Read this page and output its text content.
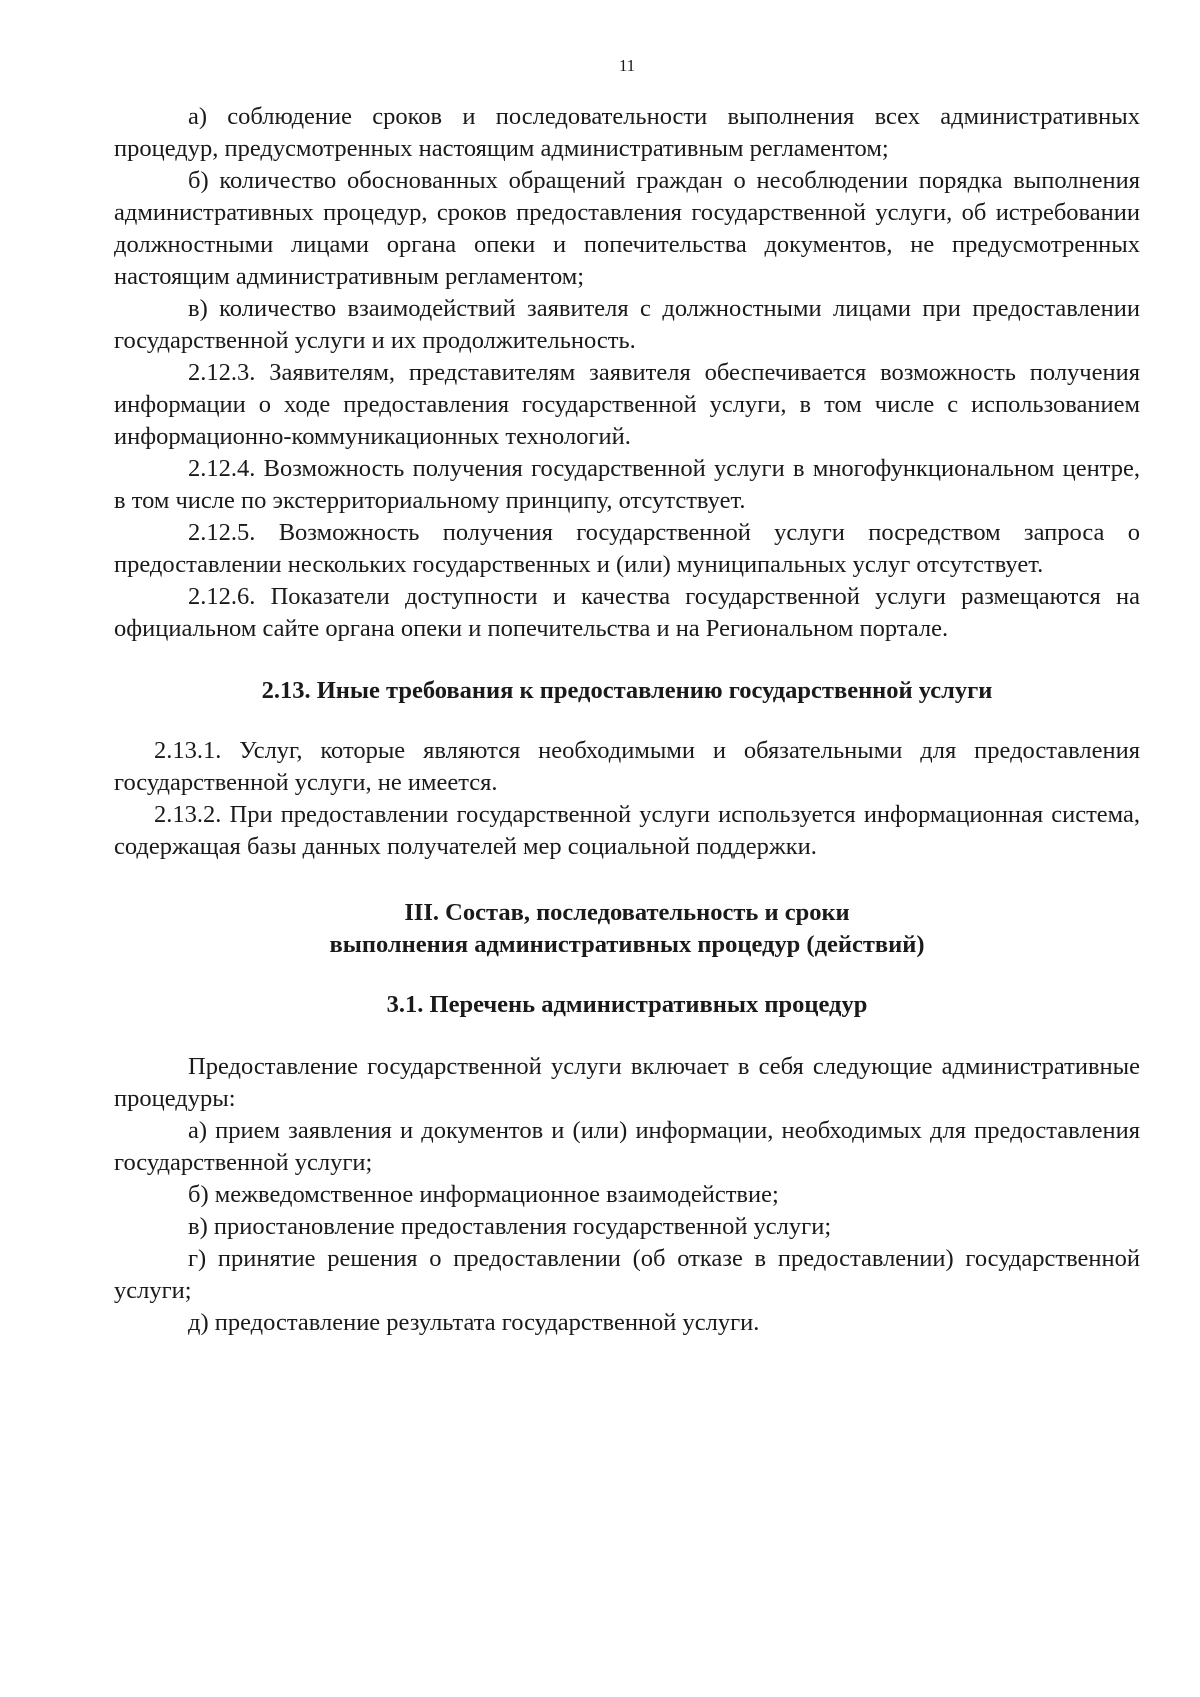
11

а) соблюдение сроков и последовательности выполнения всех административных процедур, предусмотренных настоящим административным регламентом;

б) количество обоснованных обращений граждан о несоблюдении порядка выполнения административных процедур, сроков предоставления государственной услуги, об истребовании должностными лицами органа опеки и попечительства документов, не предусмотренных настоящим административным регламентом;

в) количество взаимодействий заявителя с должностными лицами при предоставлении государственной услуги и их продолжительность.

2.12.3. Заявителям, представителям заявителя обеспечивается возможность получения информации о ходе предоставления государственной услуги, в том числе с использованием информационно-коммуникационных технологий.

2.12.4. Возможность получения государственной услуги в многофункциональном центре, в том числе по экстерриториальному принципу, отсутствует.

2.12.5. Возможность получения государственной услуги посредством запроса о предоставлении нескольких государственных и (или) муниципальных услуг отсутствует.

2.12.6. Показатели доступности и качества государственной услуги размещаются на официальном сайте органа опеки и попечительства и на Региональном портале.

2.13. Иные требования к предоставлению государственной услуги

2.13.1. Услуг, которые являются необходимыми и обязательными для предоставления государственной услуги, не имеется.

2.13.2. При предоставлении государственной услуги используется информационная система, содержащая базы данных получателей мер социальной поддержки.

III. Состав, последовательность и сроки
выполнения административных процедур (действий)
3.1. Перечень административных процедур

Предоставление государственной услуги включает в себя следующие административные процедуры:

а) прием заявления и документов и (или) информации, необходимых для предоставления государственной услуги;

б) межведомственное информационное взаимодействие;

в) приостановление предоставления государственной услуги;

г) принятие решения о предоставлении (об отказе в предоставлении) государственной услуги;

д) предоставление результата государственной услуги.
